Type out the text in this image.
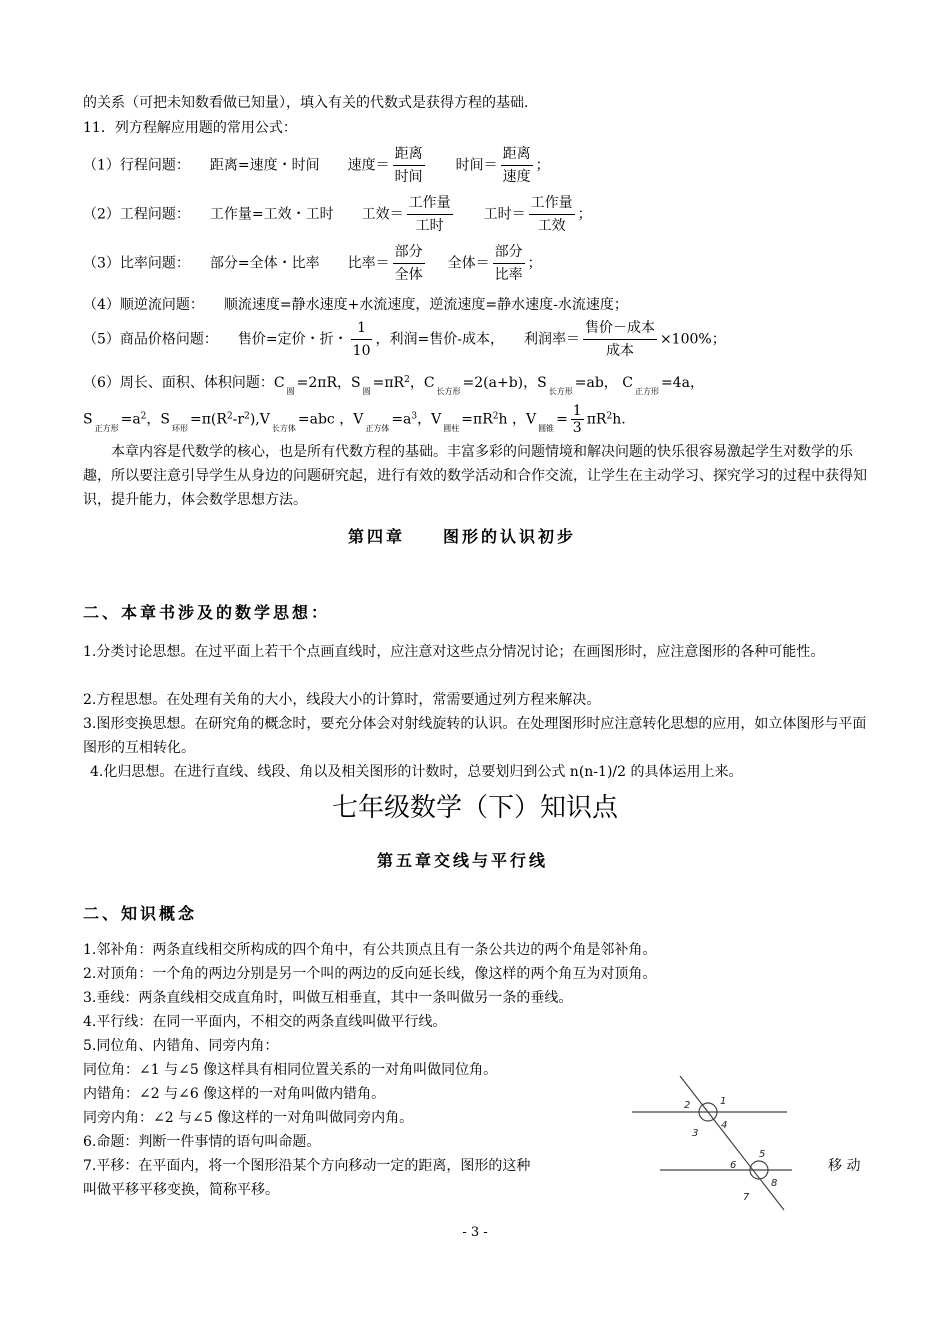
的关系（可把未知数看做已知量），填入有关的代数式是获得方程的基础.
11．列方程解应用题的常用公式：
（1）行程问题： 距离=速度・时间 速度＝ $\frac{\text{距离}}{\text{时间}}$ 时间＝ $\frac{\text{距离}}{\text{速度}}$ ；
（2）工程问题： 工作量=工效・工时 工效＝ $\frac{\text{工作量}}{\text{工时}}$ 工时＝ $\frac{\text{工作量}}{\text{工效}}$ ；
（3）比率问题： 部分=全体・比率 比率＝ $\frac{\text{部分}}{\text{全体}}$ 全体＝ $\frac{\text{部分}}{\text{比率}}$ ；
（4）顺逆流问题： 顺流速度=静水速度+水流速度，逆流速度=静水速度-水流速度；
（5）商品价格问题： 售价=定价・折・ $\frac{1}{10}$ ，利润=售价-成本， 利润率＝ $\frac{\text{售价－成本}}{\text{成本}} \times 100\%$；
（6）周长、面积、体积问题：$C_圆=2\pi R$，$S_圆=\pi R^2$，$C_{长方形}=2(a+b)$，$S_{长方形}=ab$， $C_{正方形}=4a$，
$S_{正方形}=a^2$，$S_{环形}=\pi(R^2-r^2),V_{长方体}=abc$ ，$V_{正方体}=a^3$，$V_{圆柱}=\pi R^2h$ ，$V_{圆锥}= \frac{1}{3} \pi R^2h$.
本章内容是代数学的核心，也是所有代数方程的基础。丰富多彩的问题情境和解决问题的快乐很容易激起学生对数学的乐趣，所以要注意引导学生从身边的问题研究起，进行有效的数学活动和合作交流，让学生在主动学习、探究学习的过程中获得知识，提升能力，体会数学思想方法。
第四章　　图形的认识初步
二、本章书涉及的数学思想：
1.分类讨论思想。在过平面上若干个点画直线时，应注意对这些点分情况讨论；在画图形时，应注意图形的各种可能性。
2.方程思想。在处理有关角的大小，线段大小的计算时，常需要通过列方程来解决。
3.图形变换思想。在研究角的概念时，要充分体会对射线旋转的认识。在处理图形时应注意转化思想的应用，如立体图形与平面图形的互相转化。
4.化归思想。在进行直线、线段、角以及相关图形的计数时，总要划归到公式 n(n-1)/2 的具体运用上来。
七年级数学（下）知识点
第五章交线与平行线
二、知识概念
1.邻补角：两条直线相交所构成的四个角中，有公共顶点且有一条公共边的两个角是邻补角。
2.对顶角：一个角的两边分别是另一个叫的两边的反向延长线，像这样的两个角互为对顶角。
3.垂线：两条直线相交成直角时，叫做互相垂直，其中一条叫做另一条的垂线。
4.平行线：在同一平面内，不相交的两条直线叫做平行线。
5.同位角、内错角、同旁内角：
同位角：∠1 与∠5 像这样具有相同位置关系的一对角叫做同位角。
内错角：∠2 与∠6 像这样的一对角叫做内错角。
同旁内角：∠2 与∠5 像这样的一对角叫做同旁内角。
6.命题：判断一件事情的语句叫命题。
7.平移：在平面内，将一个图形沿某个方向移动一定的距离，图形的这种
叫做平移平移变换，简称平移。
移 动
1
2
3
4
5
6
7
8
- 3 -
